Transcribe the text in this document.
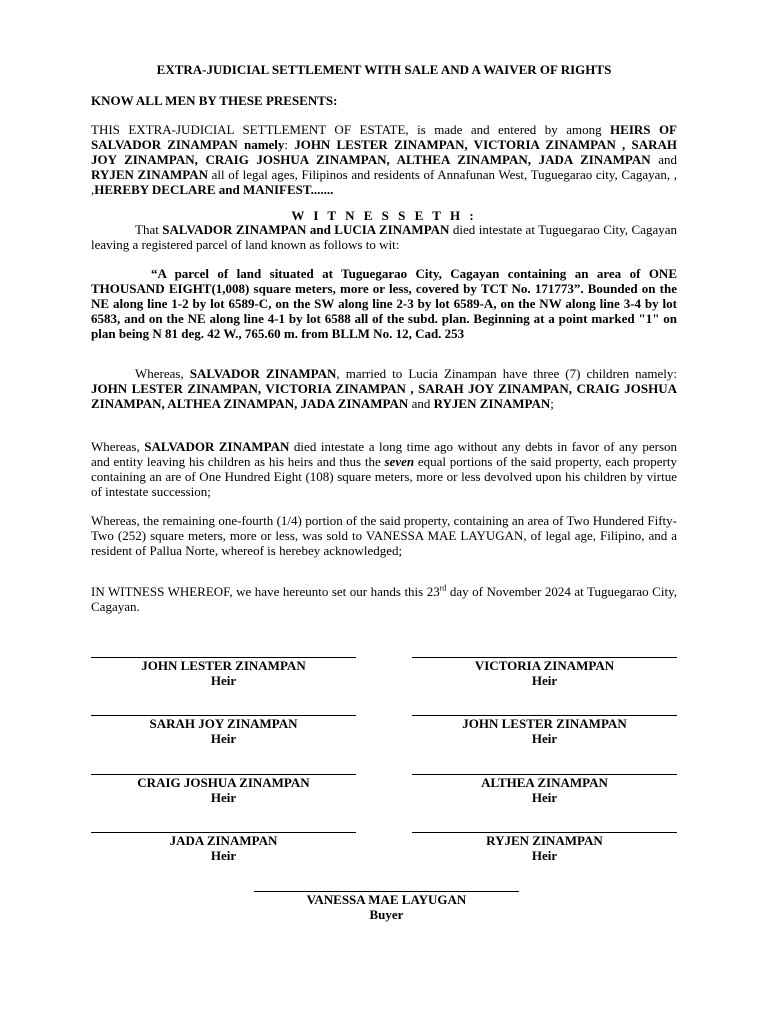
EXTRA-JUDICIAL SETTLEMENT WITH SALE AND A WAIVER OF RIGHTS
KNOW ALL MEN BY THESE PRESENTS:
THIS EXTRA-JUDICIAL SETTLEMENT OF ESTATE, is made and entered by among HEIRS OF SALVADOR ZINAMPAN namely: JOHN LESTER ZINAMPAN, VICTORIA ZINAMPAN , SARAH JOY ZINAMPAN, CRAIG JOSHUA ZINAMPAN, ALTHEA ZINAMPAN, JADA ZINAMPAN and RYJEN ZINAMPAN all of legal ages, Filipinos and residents of Annafunan West, Tuguegarao city, Cagayan, , ,HEREBY DECLARE and MANIFEST.......
W I T N E S S E T H :
That SALVADOR ZINAMPAN and LUCIA ZINAMPAN died intestate at Tuguegarao City, Cagayan leaving a registered parcel of land known as follows to wit:
“A parcel of land situated at Tuguegarao City, Cagayan containing an area of ONE THOUSAND EIGHT(1,008) square meters, more or less, covered by TCT No. 171773”. Bounded on the NE along line 1-2 by lot 6589-C, on the SW along line 2-3 by lot 6589-A, on the NW along line 3-4 by lot 6583, and on the NE along line 4-1 by lot 6588 all of the subd. plan. Beginning at a point marked "1" on plan being N 81 deg. 42 W., 765.60 m. from BLLM No. 12, Cad. 253
Whereas, SALVADOR ZINAMPAN, married to Lucia Zinampan have three (7) children namely: JOHN LESTER ZINAMPAN, VICTORIA ZINAMPAN , SARAH JOY ZINAMPAN, CRAIG JOSHUA ZINAMPAN, ALTHEA ZINAMPAN, JADA ZINAMPAN and RYJEN ZINAMPAN;
Whereas, SALVADOR ZINAMPAN died intestate a long time ago without any debts in favor of any person and entity leaving his children as his heirs and thus the seven equal portions of the said property, each property containing an are of One Hundred Eight (108) square meters, more or less devolved upon his children by virtue of intestate succession;
Whereas, the remaining one-fourth (1/4) portion of the said property, containing an area of Two Hundered Fifty-Two (252) square meters, more or less, was sold to VANESSA MAE LAYUGAN, of legal age, Filipino, and a resident of Pallua Norte, whereof is herebey acknowledged;
IN WITNESS WHEREOF, we have hereunto set our hands this 23rd day of November 2024 at Tuguegarao City, Cagayan.
JOHN LESTER ZINAMPAN
Heir
VICTORIA ZINAMPAN
Heir
SARAH JOY ZINAMPAN
Heir
JOHN LESTER ZINAMPAN
Heir
CRAIG JOSHUA ZINAMPAN
Heir
ALTHEA ZINAMPAN
Heir
JADA ZINAMPAN
Heir
RYJEN ZINAMPAN
Heir
VANESSA MAE LAYUGAN
Buyer
